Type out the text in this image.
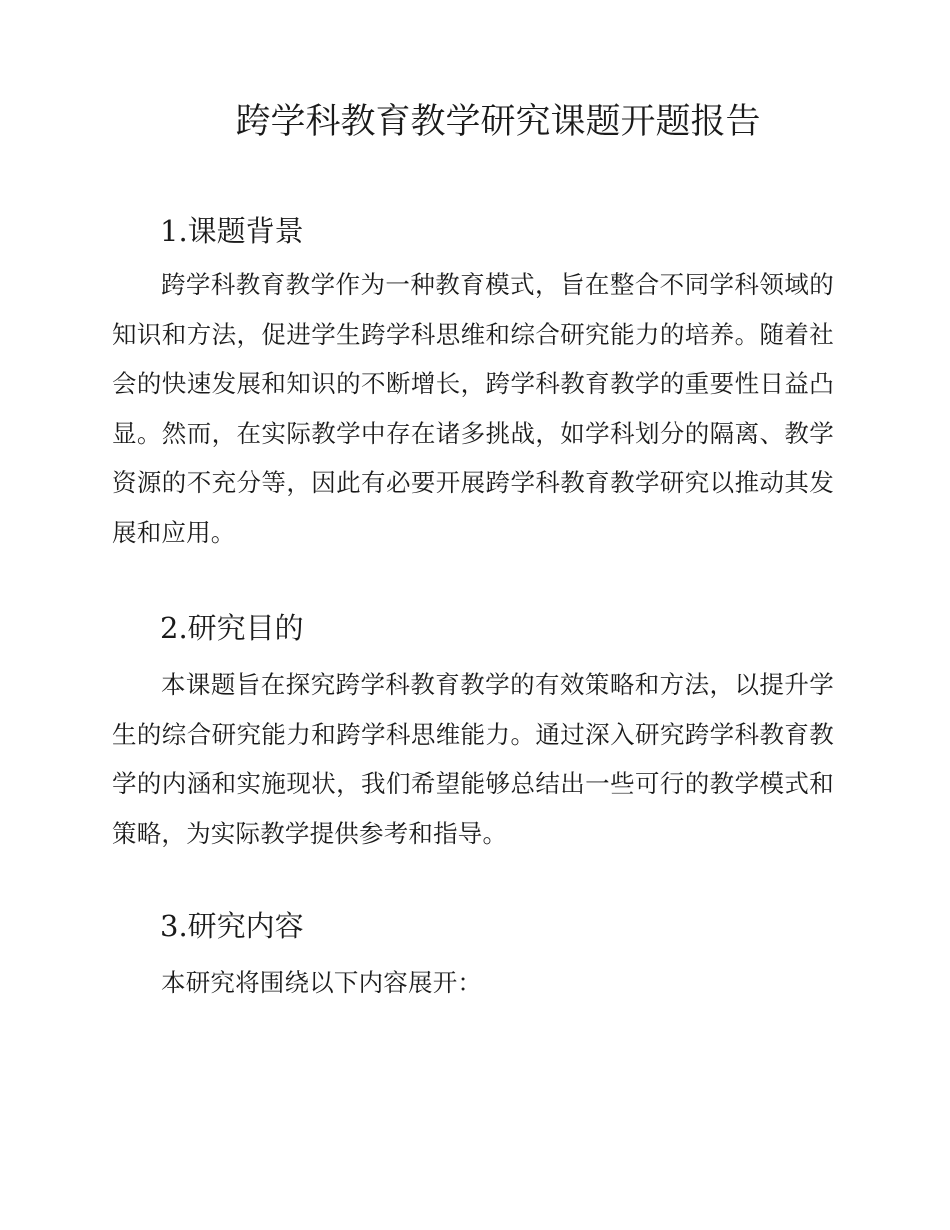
跨学科教育教学研究课题开题报告
1.课题背景

跨学科教育教学作为一种教育模式，旨在整合不同学科领域的知识和方法，促进学生跨学科思维和综合研究能力的培养。随着社会的快速发展和知识的不断增长，跨学科教育教学的重要性日益凸显。然而，在实际教学中存在诸多挑战，如学科划分的隔离、教学资源的不充分等，因此有必要开展跨学科教育教学研究以推动其发展和应用。

2.研究目的

本课题旨在探究跨学科教育教学的有效策略和方法，以提升学生的综合研究能力和跨学科思维能力。通过深入研究跨学科教育教学的内涵和实施现状，我们希望能够总结出一些可行的教学模式和策略，为实际教学提供参考和指导。

3.研究内容

本研究将围绕以下内容展开：
